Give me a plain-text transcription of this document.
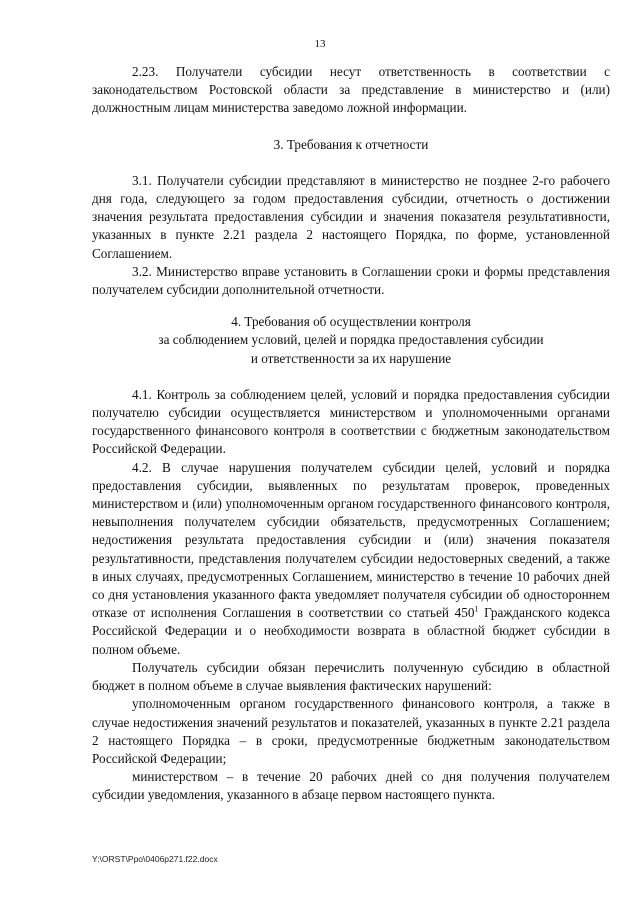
13

2.23. Получатели субсидии несут ответственность в соответствии с законодательством Ростовской области за представление в министерство и (или) должностным лицам министерства заведомо ложной информации.

3. Требования к отчетности

3.1. Получатели субсидии представляют в министерство не позднее 2-го рабочего дня года, следующего за годом предоставления субсидии, отчетность о достижении значения результата предоставления субсидии и значения показателя результативности, указанных в пункте 2.21 раздела 2 настоящего Порядка, по форме, установленной Соглашением.

3.2. Министерство вправе установить в Соглашении сроки и формы представления получателем субсидии дополнительной отчетности.

4. Требования об осуществлении контроля

за соблюдением условий, целей и порядка предоставления субсидии

и ответственности за их нарушение

4.1. Контроль за соблюдением целей, условий и порядка предоставления субсидии получателю субсидии осуществляется министерством и уполномоченными органами государственного финансового контроля в соответствии с бюджетным законодательством Российской Федерации.

4.2. В случае нарушения получателем субсидии целей, условий и порядка предоставления субсидии, выявленных по результатам проверок, проведенных министерством и (или) уполномоченным органом государственного финансового контроля, невыполнения получателем субсидии обязательств, предусмотренных Соглашением; недостижения результата предоставления субсидии и (или) значения показателя результативности, представления получателем субсидии недостоверных сведений, а также в иных случаях, предусмотренных Соглашением, министерство в течение 10 рабочих дней со дня установления указанного факта уведомляет получателя субсидии об одностороннем отказе от исполнения Соглашения в соответствии со статьей $450^1$ Гражданского кодекса Российской Федерации и о необходимости возврата в областной бюджет субсидии в полном объеме.

Получатель субсидии обязан перечислить полученную субсидию в областной бюджет в полном объеме в случае выявления фактических нарушений:

уполномоченным органом государственного финансового контроля, а также в случае недостижения значений результатов и показателей, указанных в пункте 2.21 раздела 2 настоящего Порядка – в сроки, предусмотренные бюджетным законодательством Российской Федерации;

министерством – в течение 20 рабочих дней со дня получения получателем субсидии уведомления, указанного в абзаце первом настоящего пункта.

Y:\ORST\Ppo\0406p271.f22.docx
